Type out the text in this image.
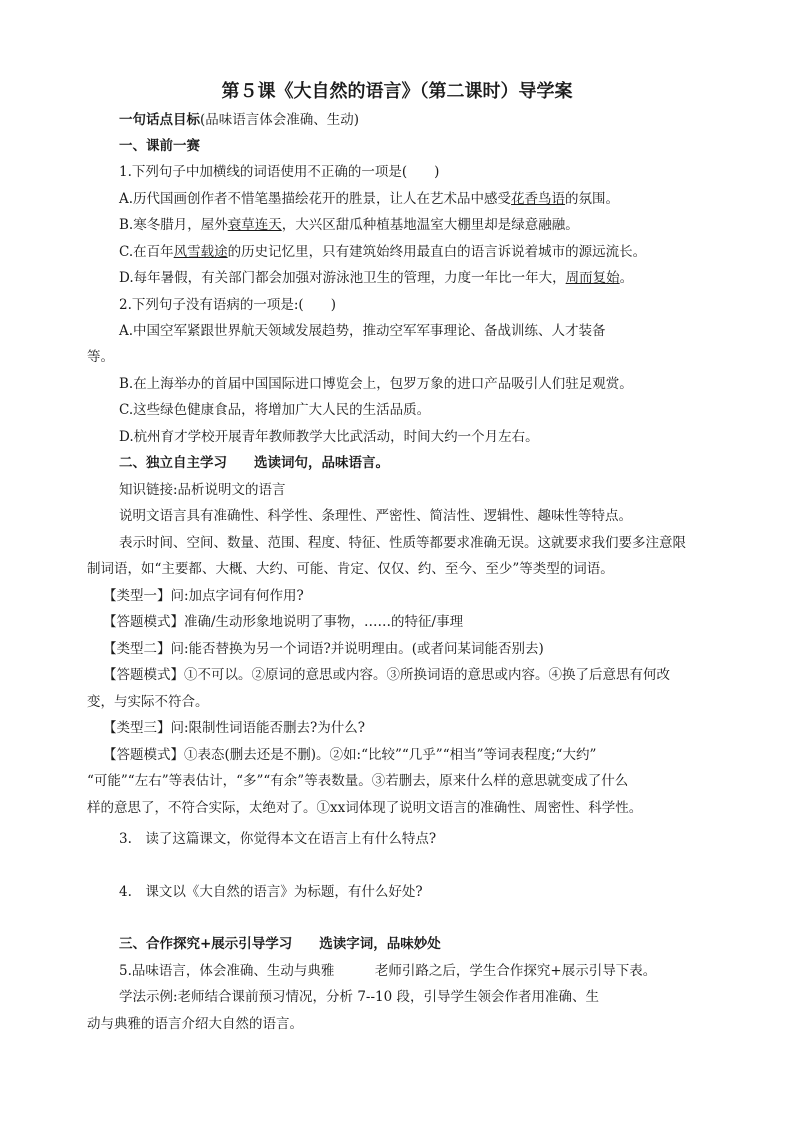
第５课《大自然的语言》（第二课时）导学案
一句话点目标(品味语言体会准确、生动)
一、课前一赛
1.下列句子中加横线的词语使用不正确的一项是(　　)
A.历代国画创作者不惜笔墨描绘花开的胜景，让人在艺术品中感受花香鸟语的氛围。
B.寒冬腊月，屋外衰草连天，大兴区甜瓜种植基地温室大棚里却是绿意融融。
C.在百年风雪载途的历史记忆里，只有建筑始终用最直白的语言诉说着城市的源远流长。
D.每年暑假，有关部门都会加强对游泳池卫生的管理，力度一年比一年大，周而复始。
2.下列句子没有语病的一项是:(　　)
A.中国空军紧跟世界航天领域发展趋势，推动空军军事理论、备战训练、人才装备
等。
B.在上海举办的首届中国国际进口博览会上，包罗万象的进口产品吸引人们驻足观赏。
C.这些绿色健康食品，将增加广大人民的生活品质。
D.杭州育才学校开展青年教师教学大比武活动，时间大约一个月左右。
二、独立自主学习　　选读词句，品味语言。
知识链接:品析说明文的语言
说明文语言具有准确性、科学性、条理性、严密性、简洁性、逻辑性、趣味性等特点。
表示时间、空间、数量、范围、程度、特征、性质等都要求准确无误。这就要求我们要多注意限
制词语，如“主要都、大概、大约、可能、肯定、仅仅、约、至今、至少”等类型的词语。
【类型一】问:加点字词有何作用?
【答题模式】准确/生动形象地说明了事物，……的特征/事理
【类型二】问:能否替换为另一个词语?并说明理由。(或者问某词能否别去)
【答题模式】①不可以。②原词的意思或内容。③所换词语的意思或内容。④换了后意思有何改
变，与实际不符合。
【类型三】问:限制性词语能否删去?为什么?
【答题模式】①表态(删去还是不删)。②如:“比较”“几乎”“相当”等词表程度;“大约”
“可能”“左右”等表估计，“多”“有余”等表数量。③若删去，原来什么样的意思就变成了什么
样的意思了，不符合实际，太绝对了。①xx词体现了说明文语言的准确性、周密性、科学性。
3.　读了这篇课文，你觉得本文在语言上有什么特点?
4.　课文以《大自然的语言》为标题，有什么好处?
三、合作探究+展示引导学习　　选读字词，品味妙处
5.品味语言，体会准确、生动与典雅　　　老师引路之后，学生合作探究+展示引导下表。
学法示例:老师结合课前预习情况，分析 7--10 段，引导学生领会作者用准确、生
动与典雅的语言介绍大自然的语言。
